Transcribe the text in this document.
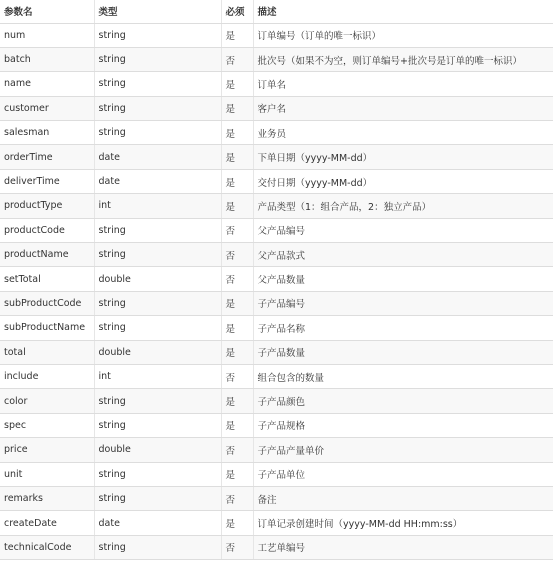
参数名	类型	必须	描述
num	string	是	订单编号（订单的唯一标识）
batch	string	否	批次号（如果不为空，则订单编号+批次号是订单的唯一标识）
name	string	是	订单名
customer	string	是	客户名
salesman	string	是	业务员
orderTime	date	是	下单日期（yyyy-MM-dd）
deliverTime	date	是	交付日期（yyyy-MM-dd）
productType	int	是	产品类型（1：组合产品，2：独立产品）
productCode	string	否	父产品编号
productName	string	否	父产品款式
setTotal	double	否	父产品数量
subProductCode	string	是	子产品编号
subProductName	string	是	子产品名称
total	double	是	子产品数量
include	int	否	组合包含的数量
color	string	是	子产品颜色
spec	string	是	子产品规格
price	double	否	子产品产量单价
unit	string	是	子产品单位
remarks	string	否	备注
createDate	date	是	订单记录创建时间（yyyy-MM-dd HH:mm:ss）
technicalCode	string	否	工艺单编号
